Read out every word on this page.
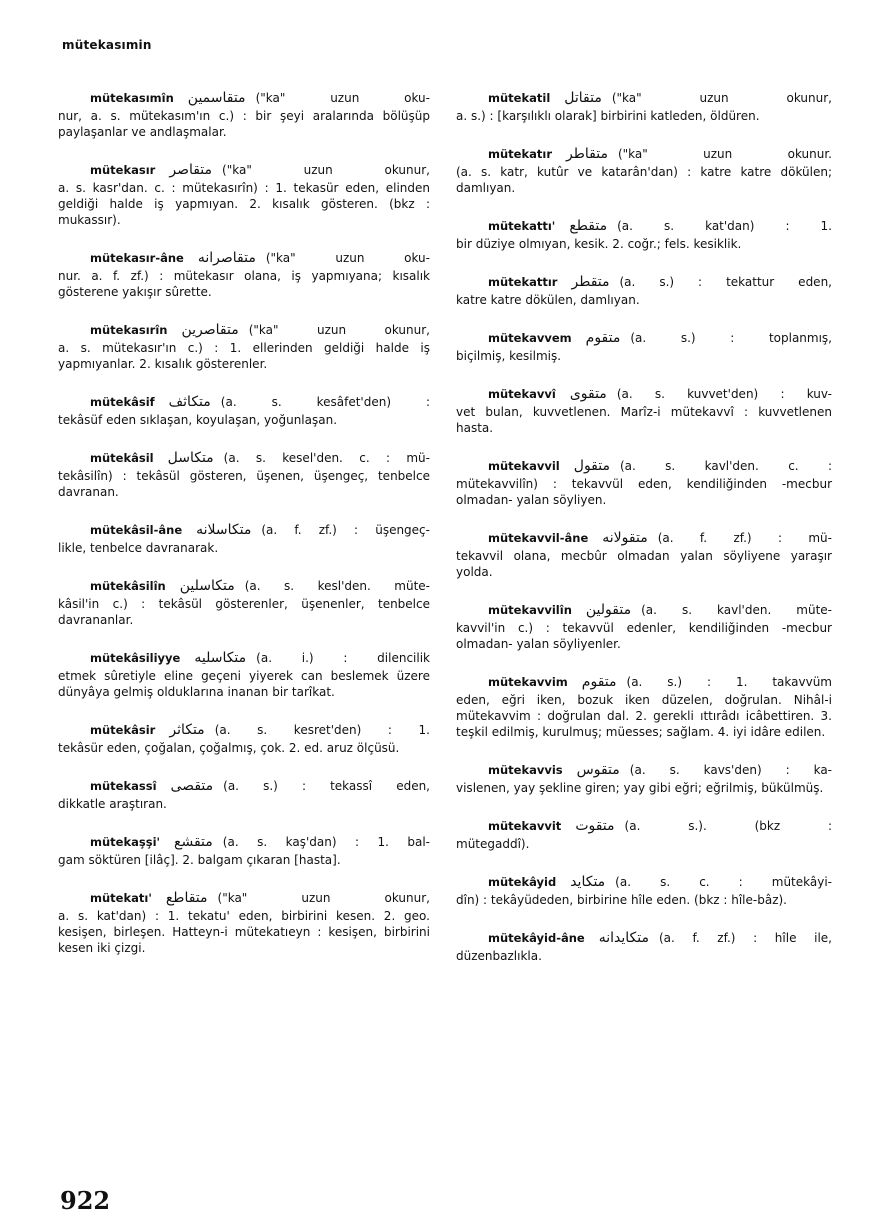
mütekasımin
mütekasımîn متقاسمين ("ka" uzun oku-
nur, a. s. mütekasım'ın c.) : bir şeyi aralarında bölüşüp paylaşanlar ve andlaşmalar.
mütekasır متقاصر ("ka" uzun okunur,
a. s. kasr'dan. c. : mütekasırîn) : 1. tekasür eden, elinden geldiği halde iş yapmıyan. 2. kısalık gösteren. (bkz : mukassır).
mütekasır-âne متقاصرانه ("ka" uzun oku-
nur. a. f. zf.) : mütekasır olana, iş yapmıyana; kısalık gösterene yakışır sûrette.
mütekasırîn متقاصرين ("ka" uzun okunur,
a. s. mütekasır'ın c.) : 1. ellerinden geldiği halde iş yapmıyanlar. 2. kısalık gösterenler.
mütekâsif متكاثف (a. s. kesâfet'den) :
tekâsüf eden sıklaşan, koyulaşan, yoğunlaşan.
mütekâsil متكاسل (a. s. kesel'den. c. : mü-
tekâsilîn) : tekâsül gösteren, üşenen, üşengeç, tenbelce davranan.
mütekâsil-âne متكاسلانه (a. f. zf.) : üşengeç-
likle, tenbelce davranarak.
mütekâsilîn متكاسلين (a. s. kesl'den. müte-
kâsil'in c.) : tekâsül gösterenler, üşenenler, tenbelce davrananlar.
mütekâsiliyye متكاسليه (a. i.) : dilencilik
etmek sûretiyle eline geçeni yiyerek can beslemek üzere dünyâya gelmiş olduklarına inanan bir tarîkat.
mütekâsir متكاثر (a. s. kesret'den) : 1.
tekâsür eden, çoğalan, çoğalmış, çok. 2. ed. aruz ölçüsü.
mütekassî متقصى (a. s.) : tekassî eden,
dikkatle araştıran.
mütekaşşi' متقشع (a. s. kaş'dan) : 1. bal-
gam söktüren [ilâç]. 2. balgam çıkaran [hasta].
mütekatı' متقاطع ("ka" uzun okunur,
a. s. kat'dan) : 1. tekatu' eden, birbirini kesen. 2. geo. kesişen, birleşen. Hatteyn-i mütekatıeyn : kesişen, birbirini kesen iki çizgi.
mütekatil متقاتل ("ka" uzun okunur,
a. s.) : [karşılıklı olarak] birbirini katleden, öldüren.
mütekatır متقاطر ("ka" uzun okunur.
(a. s. katr, kutûr ve katarân'dan) : katre katre dökülen; damlıyan.
mütekattı' متقطع (a. s. kat'dan) : 1.
bir düziye olmıyan, kesik. 2. coğr.; fels. kesiklik.
mütekattır متقطر (a. s.) : tekattur eden,
katre katre dökülen, damlıyan.
mütekavvem متقوم (a. s.) : toplanmış,
biçilmiş, kesilmiş.
mütekavvî متقوى (a. s. kuvvet'den) : kuv-
vet bulan, kuvvetlenen. Marîz-i mütekavvî : kuvvetlenen hasta.
mütekavvil متقول (a. s. kavl'den. c. :
mütekavvilîn) : tekavvül eden, kendiliğinden -mecbur olmadan- yalan söyliyen.
mütekavvil-âne متقولانه (a. f. zf.) : mü-
tekavvil olana, mecbûr olmadan yalan söyliyene yaraşır yolda.
mütekavvilîn متقولين (a. s. kavl'den. müte-
kavvil'in c.) : tekavvül edenler, kendiliğinden -mecbur olmadan- yalan söyliyenler.
mütekavvim متقوم (a. s.) : 1. takavvüm
eden, eğri iken, bozuk iken düzelen, doğrulan. Nihâl-i mütekavvim : doğrulan dal. 2. gerekli ıttırâdı icâbettiren. 3. teşkil edilmiş, kurulmuş; müesses; sağlam. 4. iyi idâre edilen.
mütekavvis متقوس (a. s. kavs'den) : ka-
vislenen, yay şekline giren; yay gibi eğri; eğrilmiş, bükülmüş.
mütekavvit متقوت (a. s.). (bkz :
mütegaddî).
mütekâyid متكايد (a. s. c. : mütekâyi-
dîn) : tekâyüdeden, birbirine hîle eden. (bkz : hîle-bâz).
mütekâyid-âne متكايدانه (a. f. zf.) : hîle ile,
düzenbazlıkla.
922
